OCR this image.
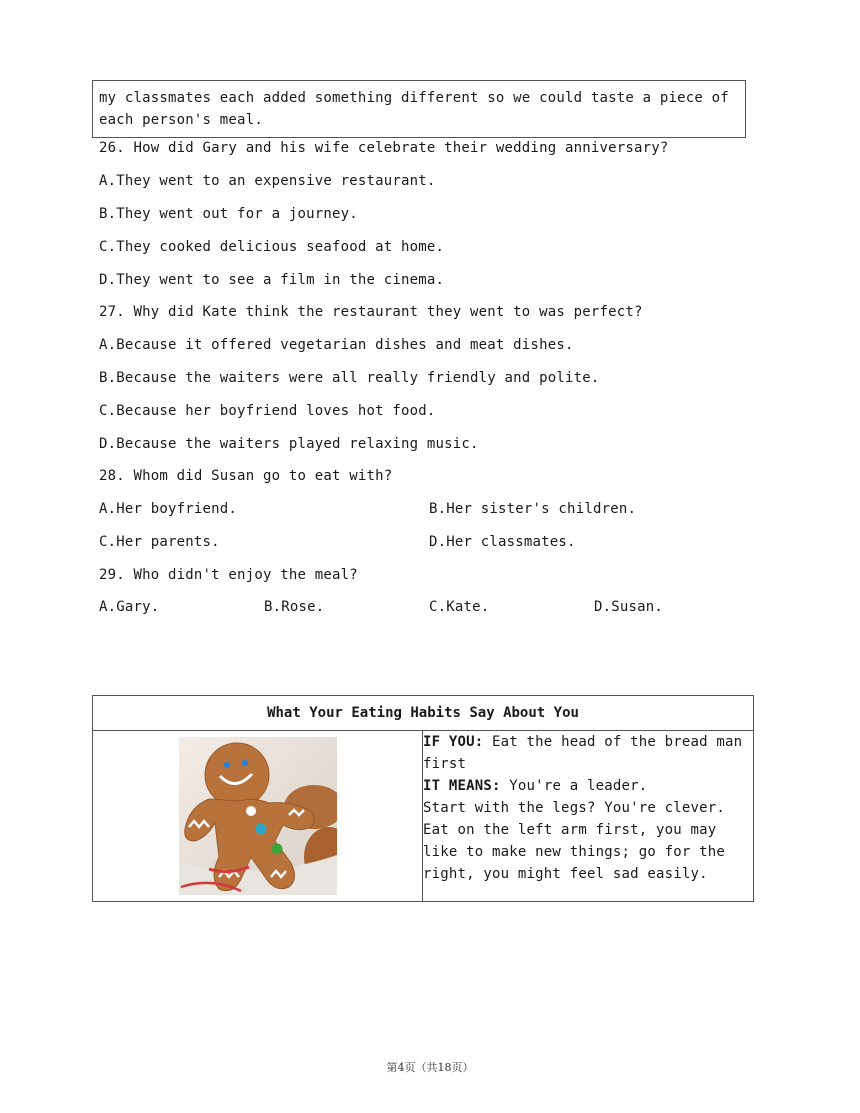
my classmates each added something different so we could taste a piece of
each person's meal.
26. How did Gary and his wife celebrate their wedding anniversary?
A.They went to an expensive restaurant.
B.They went out for a journey.
C.They cooked delicious seafood at home.
D.They went to see a film in the cinema.
27. Why did Kate think the restaurant they went to was perfect?
A.Because it offered vegetarian dishes and meat dishes.
B.Because the waiters were all really friendly and polite.
C.Because her boyfriend loves hot food.
D.Because the waiters played relaxing music.
28. Whom did Susan go to eat with?
A.Her boyfriend.	B.Her sister's children.
C.Her parents.	D.Her classmates.
29. Who didn't enjoy the meal?
A.Gary.	B.Rose.	C.Kate.	D.Susan.
What Your Eating Habits Say About You

IF YOU: Eat the head of the bread man
first
IT MEANS: You're a leader.
Start with the legs? You're clever.
Eat on the left arm first, you may
like to make new things; go for the
right, you might feel sad easily.
第4页（共18页）
